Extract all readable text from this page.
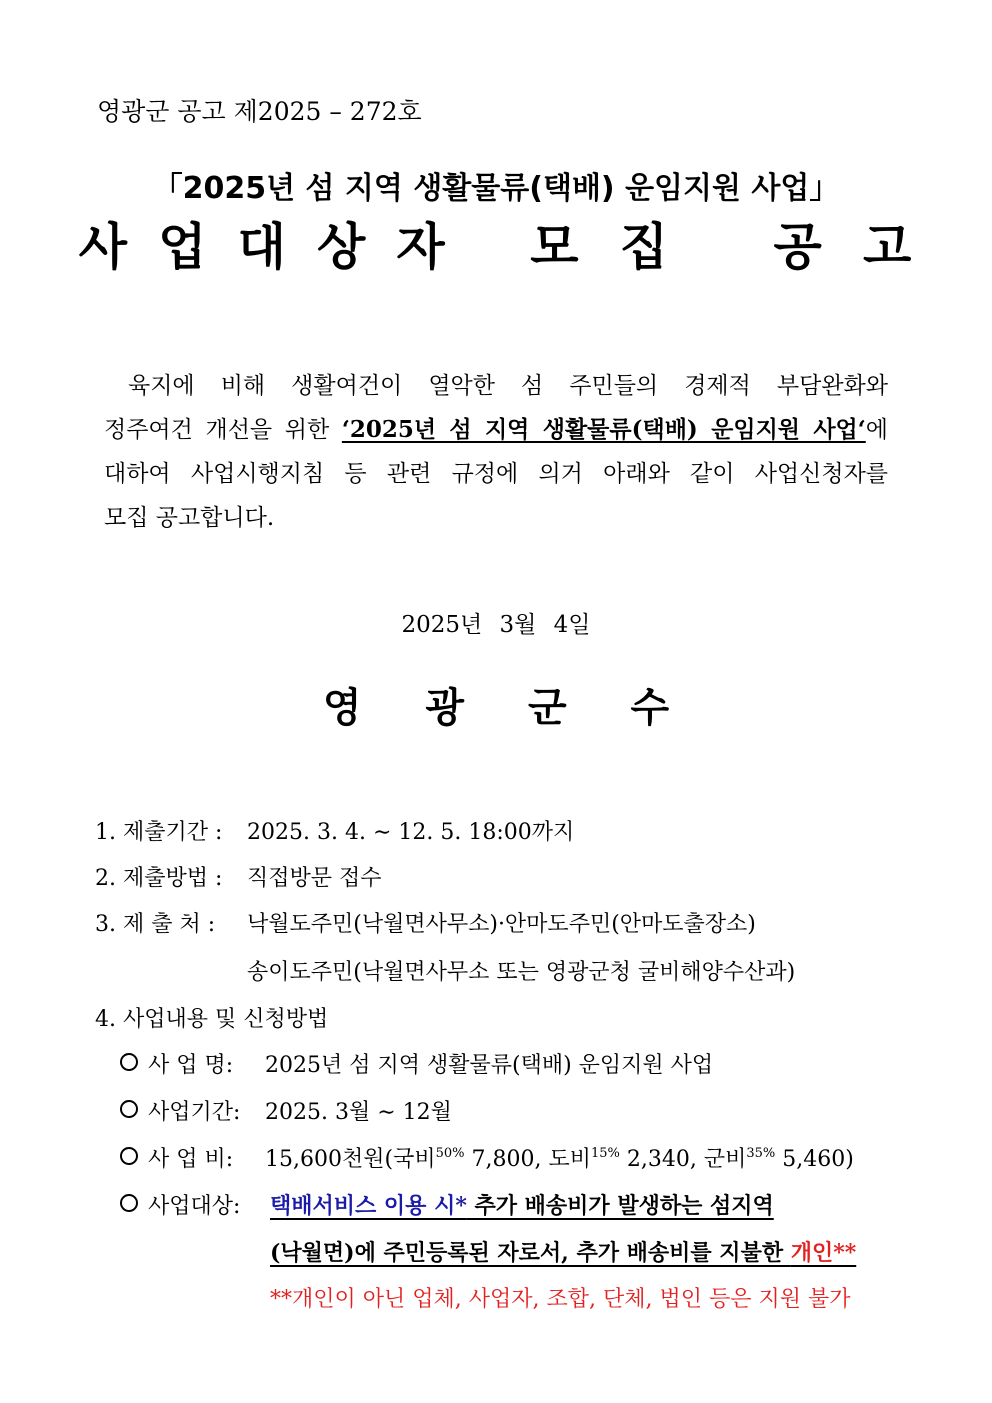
영광군 공고 제2025 – 272호
「2025년 섬 지역 생활물류(택배) 운임지원 사업」
사 업 대 상 자 모 집 공 고
육지에 비해 생활여건이 열악한 섬 주민들의 경제적 부담완화와
정주여건 개선을 위한 ‘2025년 섬 지역 생활물류(택배) 운임지원 사업‘에
대하여 사업시행지침 등 관련 규정에 의거 아래와 같이 사업신청자를
모집 공고합니다.
2025년 3월 4일
영 광 군 수
1. 제출기간 : 2025. 3. 4. ∼ 12. 5. 18:00까지
2. 제출방법 : 직접방문 접수
3. 제 출 처 : 낙월도주민(낙월면사무소)·안마도주민(안마도출장소)
송이도주민(낙월면사무소 또는 영광군청 굴비해양수산과)
4. 사업내용 및 신청방법
사 업 명: 2025년 섬 지역 생활물류(택배) 운임지원 사업
사업기간: 2025. 3월 ∼ 12월
사 업 비: 15,600천원(국비$^{50\%}$ 7,800, 도비$^{15\%}$ 2,340, 군비$^{35\%}$ 5,460)
사업대상: 택배서비스 이용 시* 추가 배송비가 발생하는 섬지역
(낙월면)에 주민등록된 자로서, 추가 배송비를 지불한 개인**
**개인이 아닌 업체, 사업자, 조합, 단체, 법인 등은 지원 불가
